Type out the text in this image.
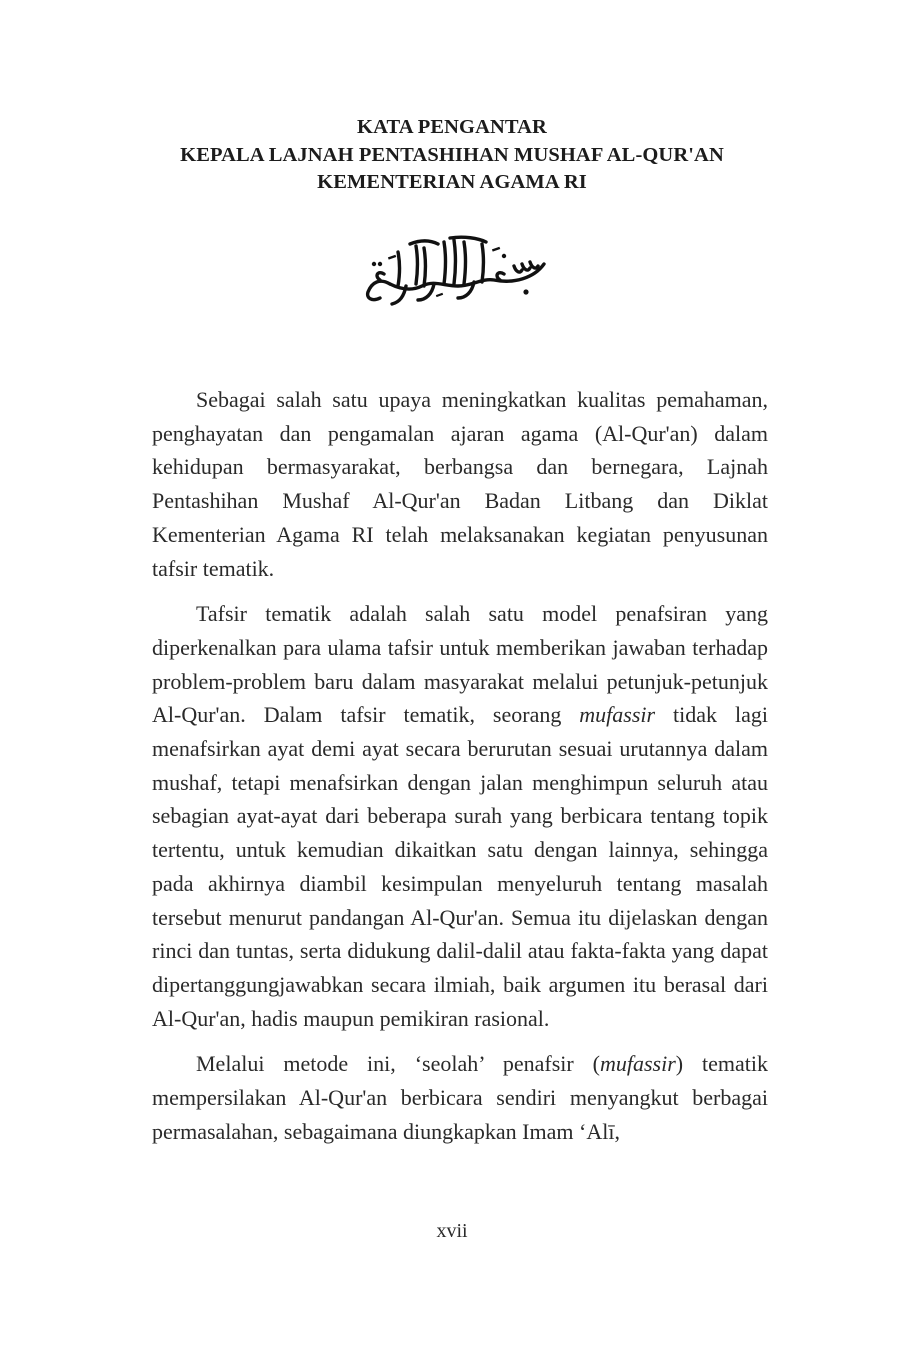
KATA PENGANTAR
KEPALA LAJNAH PENTASHIHAN MUSHAF AL-QUR'AN
KEMENTERIAN AGAMA RI

Sebagai salah satu upaya meningkatkan kualitas pemahaman, penghayatan dan pengamalan ajaran agama (Al-Qur'an) dalam kehidupan bermasyarakat, berbangsa dan bernegara, Lajnah Pentashihan Mushaf Al-Qur'an Badan Litbang dan Diklat Kementerian Agama RI telah melaksanakan kegiatan penyusunan tafsir tematik.

Tafsir tematik adalah salah satu model penafsiran yang diperkenalkan para ulama tafsir untuk memberikan jawaban terhadap problem-problem baru dalam masyarakat melalui petunjuk-petunjuk Al-Qur'an. Dalam tafsir tematik, seorang mufassir tidak lagi menafsirkan ayat demi ayat secara berurutan sesuai urutannya dalam mushaf, tetapi menafsirkan dengan jalan menghimpun seluruh atau sebagian ayat-ayat dari beberapa surah yang berbicara tentang topik tertentu, untuk kemudian dikaitkan satu dengan lainnya, sehingga pada akhirnya diambil kesimpulan menyeluruh tentang masalah tersebut menurut pandangan Al-Qur'an. Semua itu dijelaskan dengan rinci dan tuntas, serta didukung dalil-dalil atau fakta-fakta yang dapat dipertanggungjawabkan secara ilmiah, baik argumen itu berasal dari Al-Qur'an, hadis maupun pemikiran rasional.

Melalui metode ini, ‘seolah’ penafsir (mufassir) tematik mempersilakan Al-Qur'an berbicara sendiri menyangkut berbagai permasalahan, sebagaimana diungkapkan Imam ‘Alī,

xvii
